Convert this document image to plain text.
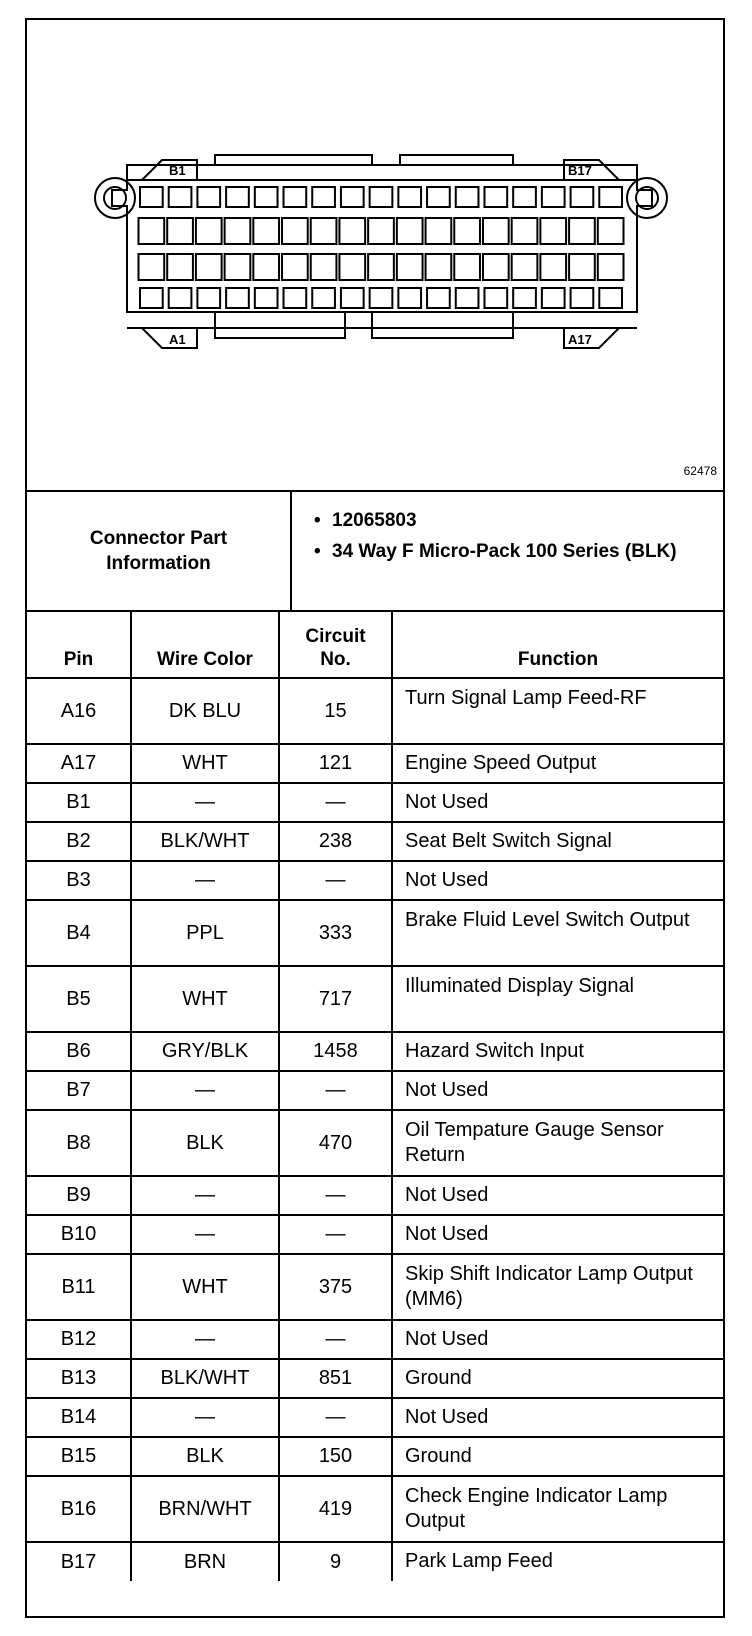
B1	B17
A1	A17
62478
Connector Part Information
• 12065803
• 34 Way F Micro-Pack 100 Series (BLK)
Pin	Wire Color	Circuit No.	Function
A16	DK BLU	15	Turn Signal Lamp Feed-RF
A17	WHT	121	Engine Speed Output
B1	—	—	Not Used
B2	BLK/WHT	238	Seat Belt Switch Signal
B3	—	—	Not Used
B4	PPL	333	Brake Fluid Level Switch Output
B5	WHT	717	Illuminated Display Signal
B6	GRY/BLK	1458	Hazard Switch Input
B7	—	—	Not Used
B8	BLK	470	Oil Tempature Gauge Sensor Return
B9	—	—	Not Used
B10	—	—	Not Used
B11	WHT	375	Skip Shift Indicator Lamp Output (MM6)
B12	—	—	Not Used
B13	BLK/WHT	851	Ground
B14	—	—	Not Used
B15	BLK	150	Ground
B16	BRN/WHT	419	Check Engine Indicator Lamp Output
B17	BRN	9	Park Lamp Feed
